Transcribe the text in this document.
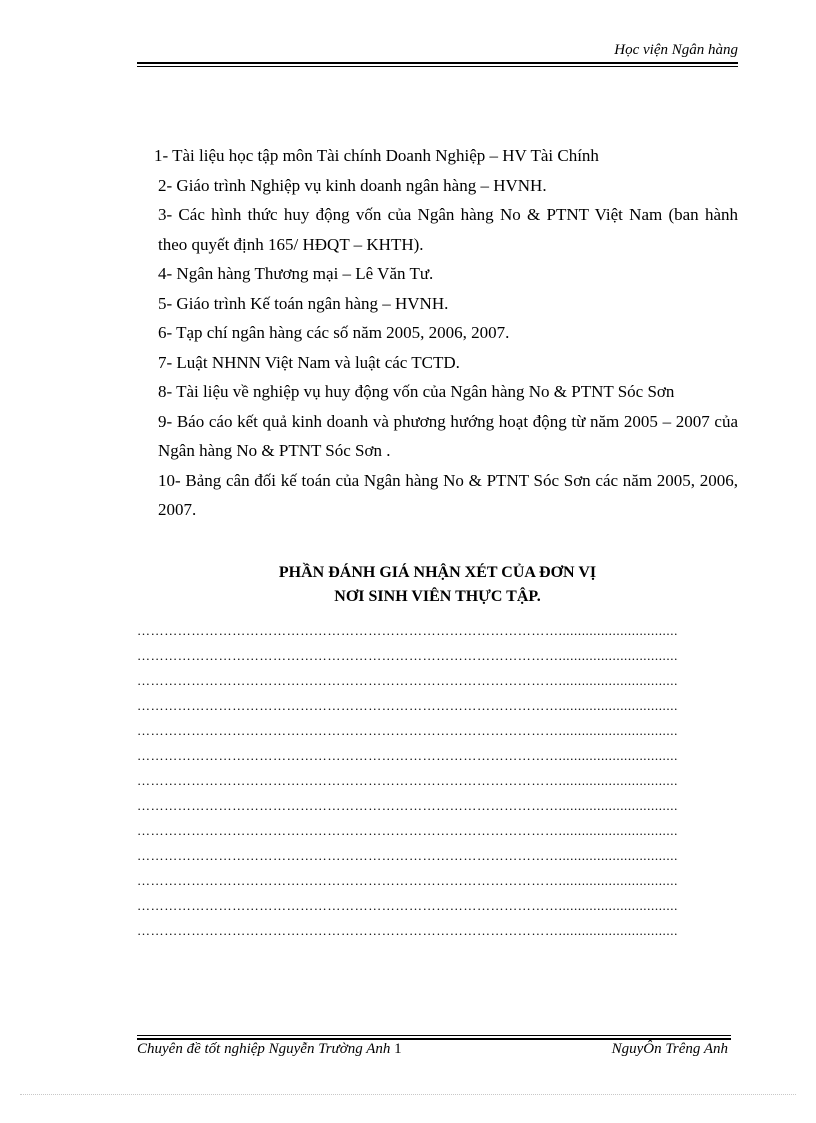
Học viện Ngân hàng
1- Tài liệu học tập môn Tài chính Doanh Nghiệp – HV Tài Chính
2- Giáo trình Nghiệp vụ kinh doanh ngân hàng – HVNH.
3- Các hình thức huy động vốn của Ngân hàng No & PTNT Việt Nam (ban hành theo quyết định 165/ HĐQT – KHTH).
4- Ngân hàng Thương mại – Lê Văn Tư.
5- Giáo trình Kế toán ngân hàng – HVNH.
6- Tạp chí ngân hàng các số năm 2005, 2006, 2007.
7- Luật NHNN Việt Nam và luật các TCTD.
8- Tài liệu về nghiệp vụ huy động vốn của Ngân hàng No & PTNT Sóc Sơn
9- Báo cáo kết quả kinh doanh và phương hướng hoạt động từ năm 2005 – 2007 của Ngân hàng No & PTNT Sóc Sơn .
10- Bảng cân đối kế toán của Ngân hàng No & PTNT Sóc Sơn các năm 2005, 2006, 2007.
PHẦN ĐÁNH GIÁ NHẬN XÉT CỦA ĐƠN VỊ
NƠI SINH VIÊN THỰC TẬP.
…………………………………………………………………………………...............................
…………………………………………………………………………………...............................
…………………………………………………………………………………...............................
…………………………………………………………………………………...............................
…………………………………………………………………………………...............................
…………………………………………………………………………………...............................
…………………………………………………………………………………...............................
…………………………………………………………………………………...............................
…………………………………………………………………………………...............................
…………………………………………………………………………………...............................
…………………………………………………………………………………...............................
…………………………………………………………………………………...............................
…………………………………………………………………………………...............................
Chuyên đề tốt nghiệp Nguyễn Trường Anh 1	NguyÔn Trêng Anh
